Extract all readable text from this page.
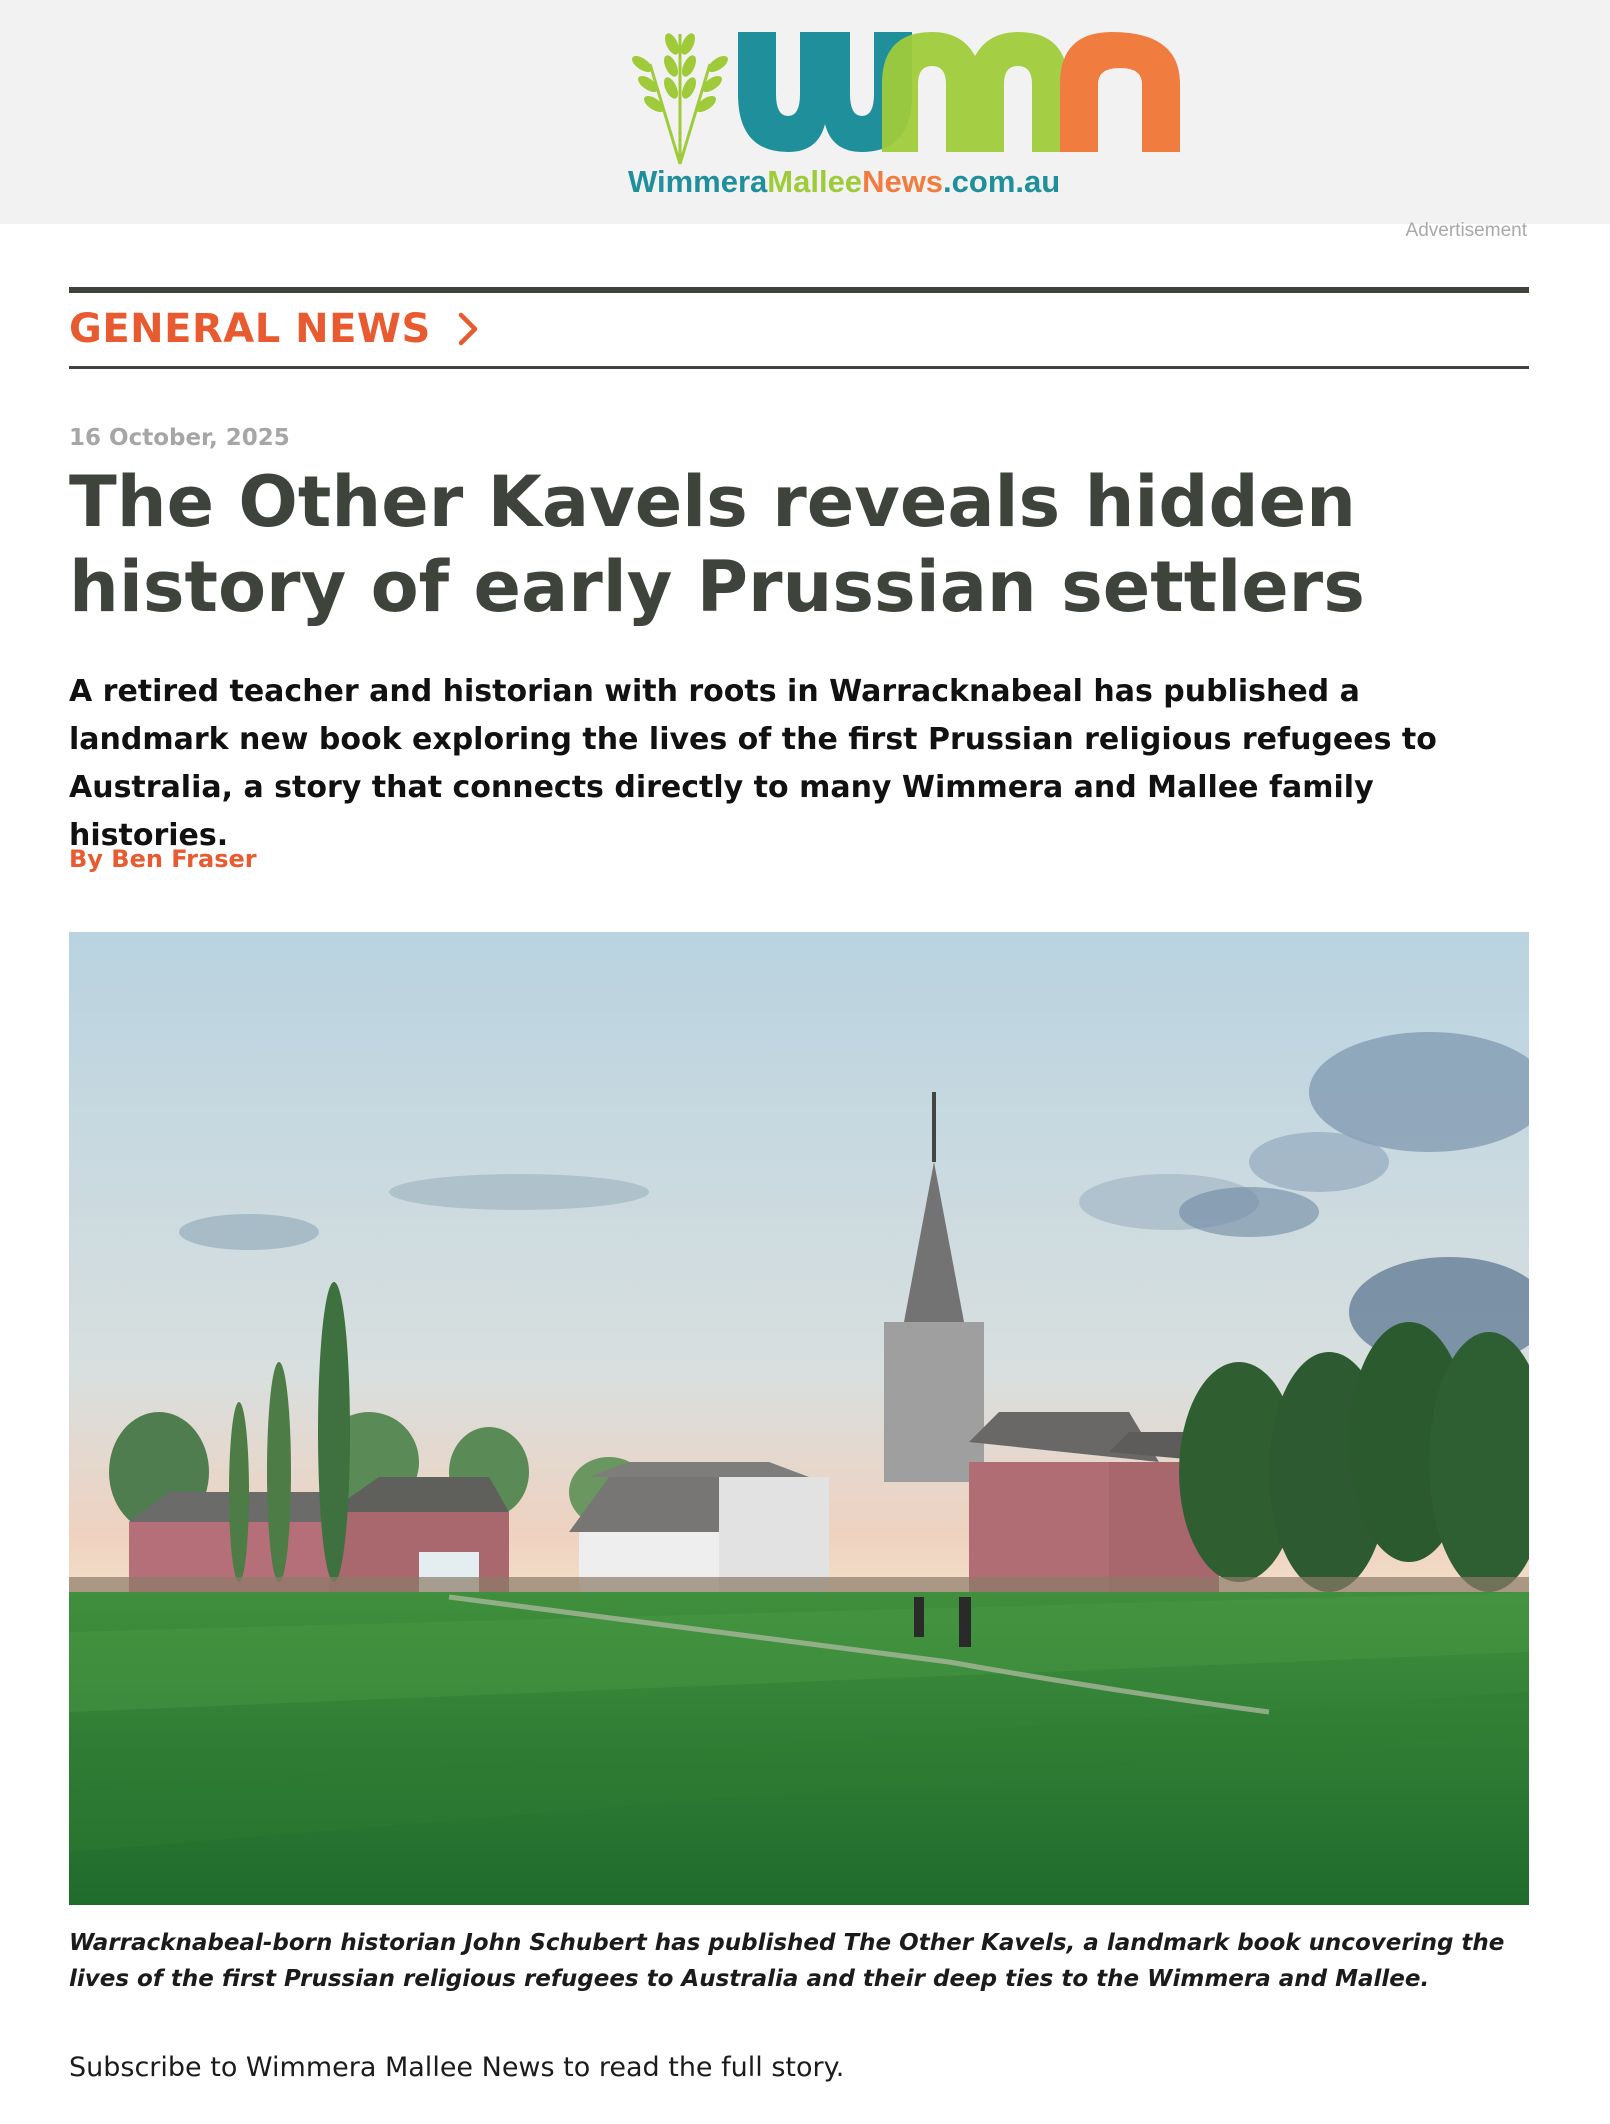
WimmeraMalleeNews.com.au
Advertisement
GENERAL NEWS
16 October, 2025
The Other Kavels reveals hidden history of early Prussian settlers

A retired teacher and historian with roots in Warracknabeal has published a landmark new book exploring the lives of the first Prussian religious refugees to Australia, a story that connects directly to many Wimmera and Mallee family histories.

By Ben Fraser

Warracknabeal-born historian John Schubert has published The Other Kavels, a landmark book uncovering the lives of the first Prussian religious refugees to Australia and their deep ties to the Wimmera and Mallee.

Subscribe to Wimmera Mallee News to read the full story.
